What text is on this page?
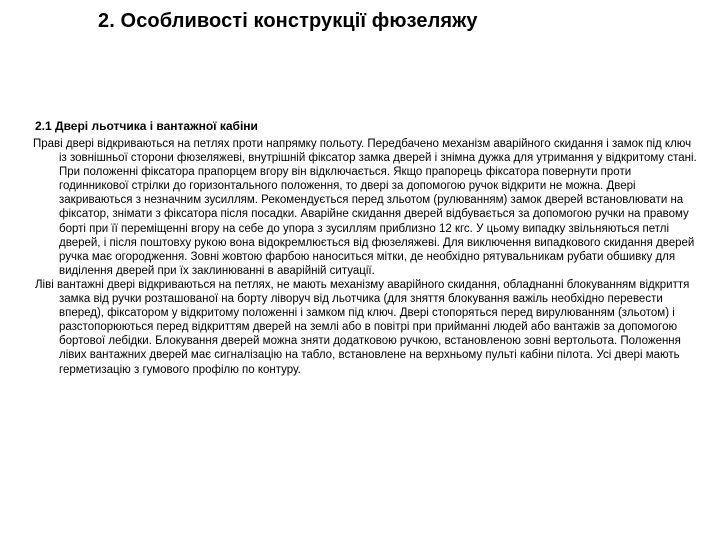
2. Особливості конструкції фюзеляжу
2.1 Двері льотчика і вантажної кабіни

Праві двері відкриваються на петлях проти напрямку польоту. Передбачено механізм аварійного скидання і замок під ключ із зовнішньої сторони фюзеляжеві, внутрішній фіксатор замка дверей і знімна дужка для утримання у відкритому стані. При положенні фіксатора прапорцем вгору він відключається. Якщо прапорець фіксатора повернути проти годинникової стрілки до горизонтального положення, то двері за допомогою ручок відкрити не можна. Двері закриваються з незначним зусиллям. Рекомендується перед зльотом (рулюванням) замок дверей встановлювати на фіксатор, знімати з фіксатора після посадки. Аварійне скидання дверей відбувається за допомогою ручки на правому борті при її переміщенні вгору на себе до упора з зусиллям приблизно 12 кгс. У цьому випадку звільняються петлі дверей, і після поштовху рукою вона відокремлюється від фюзеляжеві. Для виключення випадкового скидання дверей ручка має огородження. Зовні жовтою фарбою наноситься мітки, де необхідно рятувальникам рубати обшивку для виділення дверей при їх заклинюванні в аварійній ситуації.

Ліві вантажні двері відкриваються на петлях, не мають механізму аварійного скидання, обладнанні блокуванням відкриття замка від ручки розташованої на борту ліворуч від льотчика (для зняття блокування важіль необхідно перевести вперед), фіксатором у відкритому положенні і замком під ключ. Двері стопоряться перед вирулюванням (зльотом) і разстопорюються перед відкриттям дверей на землі або в повітрі при прийманні людей або вантажів за допомогою бортової лебідки. Блокування дверей можна зняти додатковою ручкою, встановленою зовні вертольота. Положення лівих вантажних дверей має сигналізацію на табло, встановлене на верхньому пульті кабіни пілота. Усі двері мають герметизацію з гумового профілю по контуру.
